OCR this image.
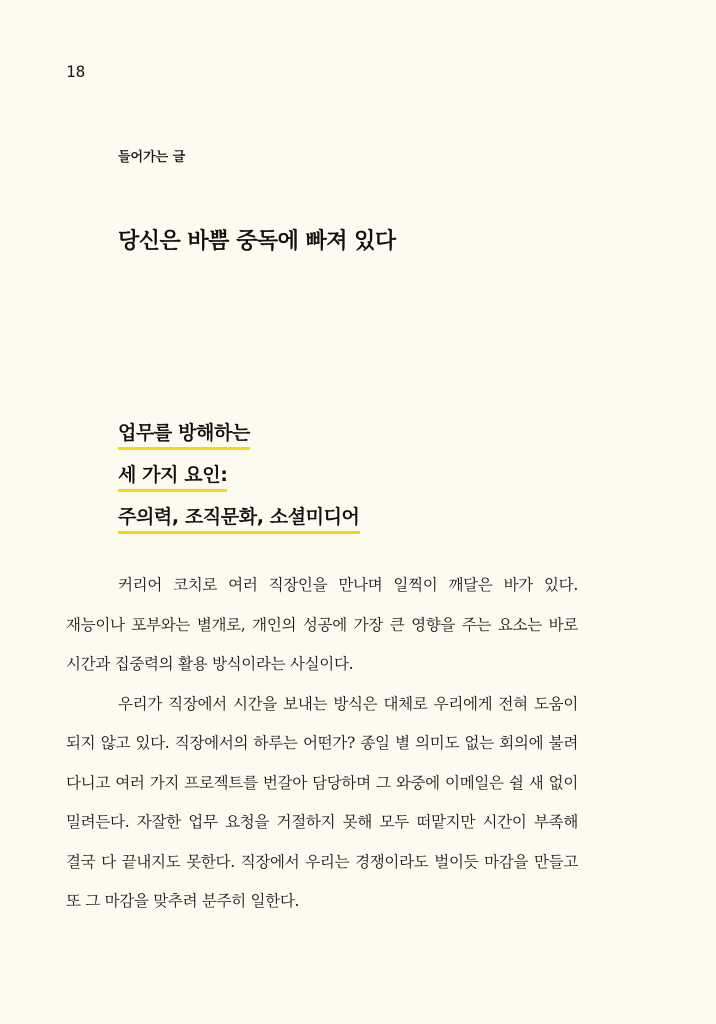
18
들어가는 글
당신은 바쁨 중독에 빠져 있다
업무를 방해하는
세 가지 요인:
주의력, 조직문화, 소셜미디어

커리어 코치로 여러 직장인을 만나며 일찍이 깨달은 바가 있다. 재능이나 포부와는 별개로, 개인의 성공에 가장 큰 영향을 주는 요소는 바로 시간과 집중력의 활용 방식이라는 사실이다.

우리가 직장에서 시간을 보내는 방식은 대체로 우리에게 전혀 도움이 되지 않고 있다. 직장에서의 하루는 어떤가? 종일 별 의미도 없는 회의에 불려 다니고 여러 가지 프로젝트를 번갈아 담당하며 그 와중에 이메일은 쉴 새 없이 밀려든다. 자잘한 업무 요청을 거절하지 못해 모두 떠맡지만 시간이 부족해 결국 다 끝내지도 못한다. 직장에서 우리는 경쟁이라도 벌이듯 마감을 만들고 또 그 마감을 맞추려 분주히 일한다.
